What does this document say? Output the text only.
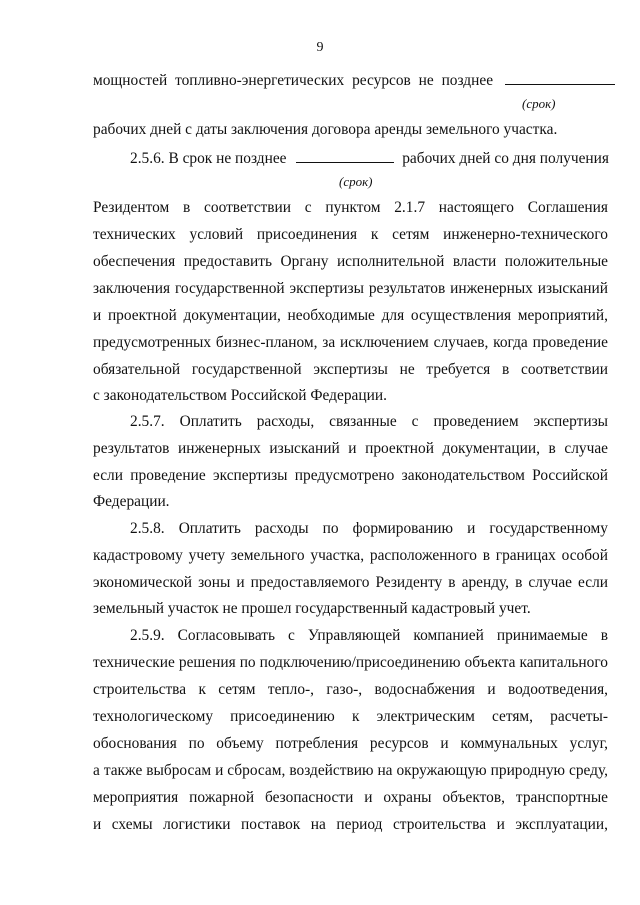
9
мощностей топливно-энергетических ресурсов не позднее
(срок)
рабочих дней с даты заключения договора аренды земельного участка.
2.5.6. В срок не позднее	рабочих дней со дня получения
(срок)
Резидентом в соответствии с пунктом 2.1.7 настоящего Соглашения
технических условий присоединения к сетям инженерно-технического
обеспечения предоставить Органу исполнительной власти положительные
заключения государственной экспертизы результатов инженерных изысканий
и проектной документации, необходимые для осуществления мероприятий,
предусмотренных бизнес-планом, за исключением случаев, когда проведение
обязательной государственной экспертизы не требуется в соответствии
с законодательством Российской Федерации.
2.5.7. Оплатить расходы, связанные с проведением экспертизы
результатов инженерных изысканий и проектной документации, в случае
если проведение экспертизы предусмотрено законодательством Российской
Федерации.
2.5.8. Оплатить расходы по формированию и государственному
кадастровому учету земельного участка, расположенного в границах особой
экономической зоны и предоставляемого Резиденту в аренду, в случае если
земельный участок не прошел государственный кадастровый учет.
2.5.9. Согласовывать с Управляющей компанией принимаемые в
технические решения по подключению/присоединению объекта капитального
строительства к сетям тепло-, газо-, водоснабжения и водоотведения,
технологическому присоединению к электрическим сетям, расчеты-
обоснования по объему потребления ресурсов и коммунальных услуг,
а также выбросам и сбросам, воздействию на окружающую природную среду,
мероприятия пожарной безопасности и охраны объектов, транспортные
и схемы логистики поставок на период строительства и эксплуатации,
